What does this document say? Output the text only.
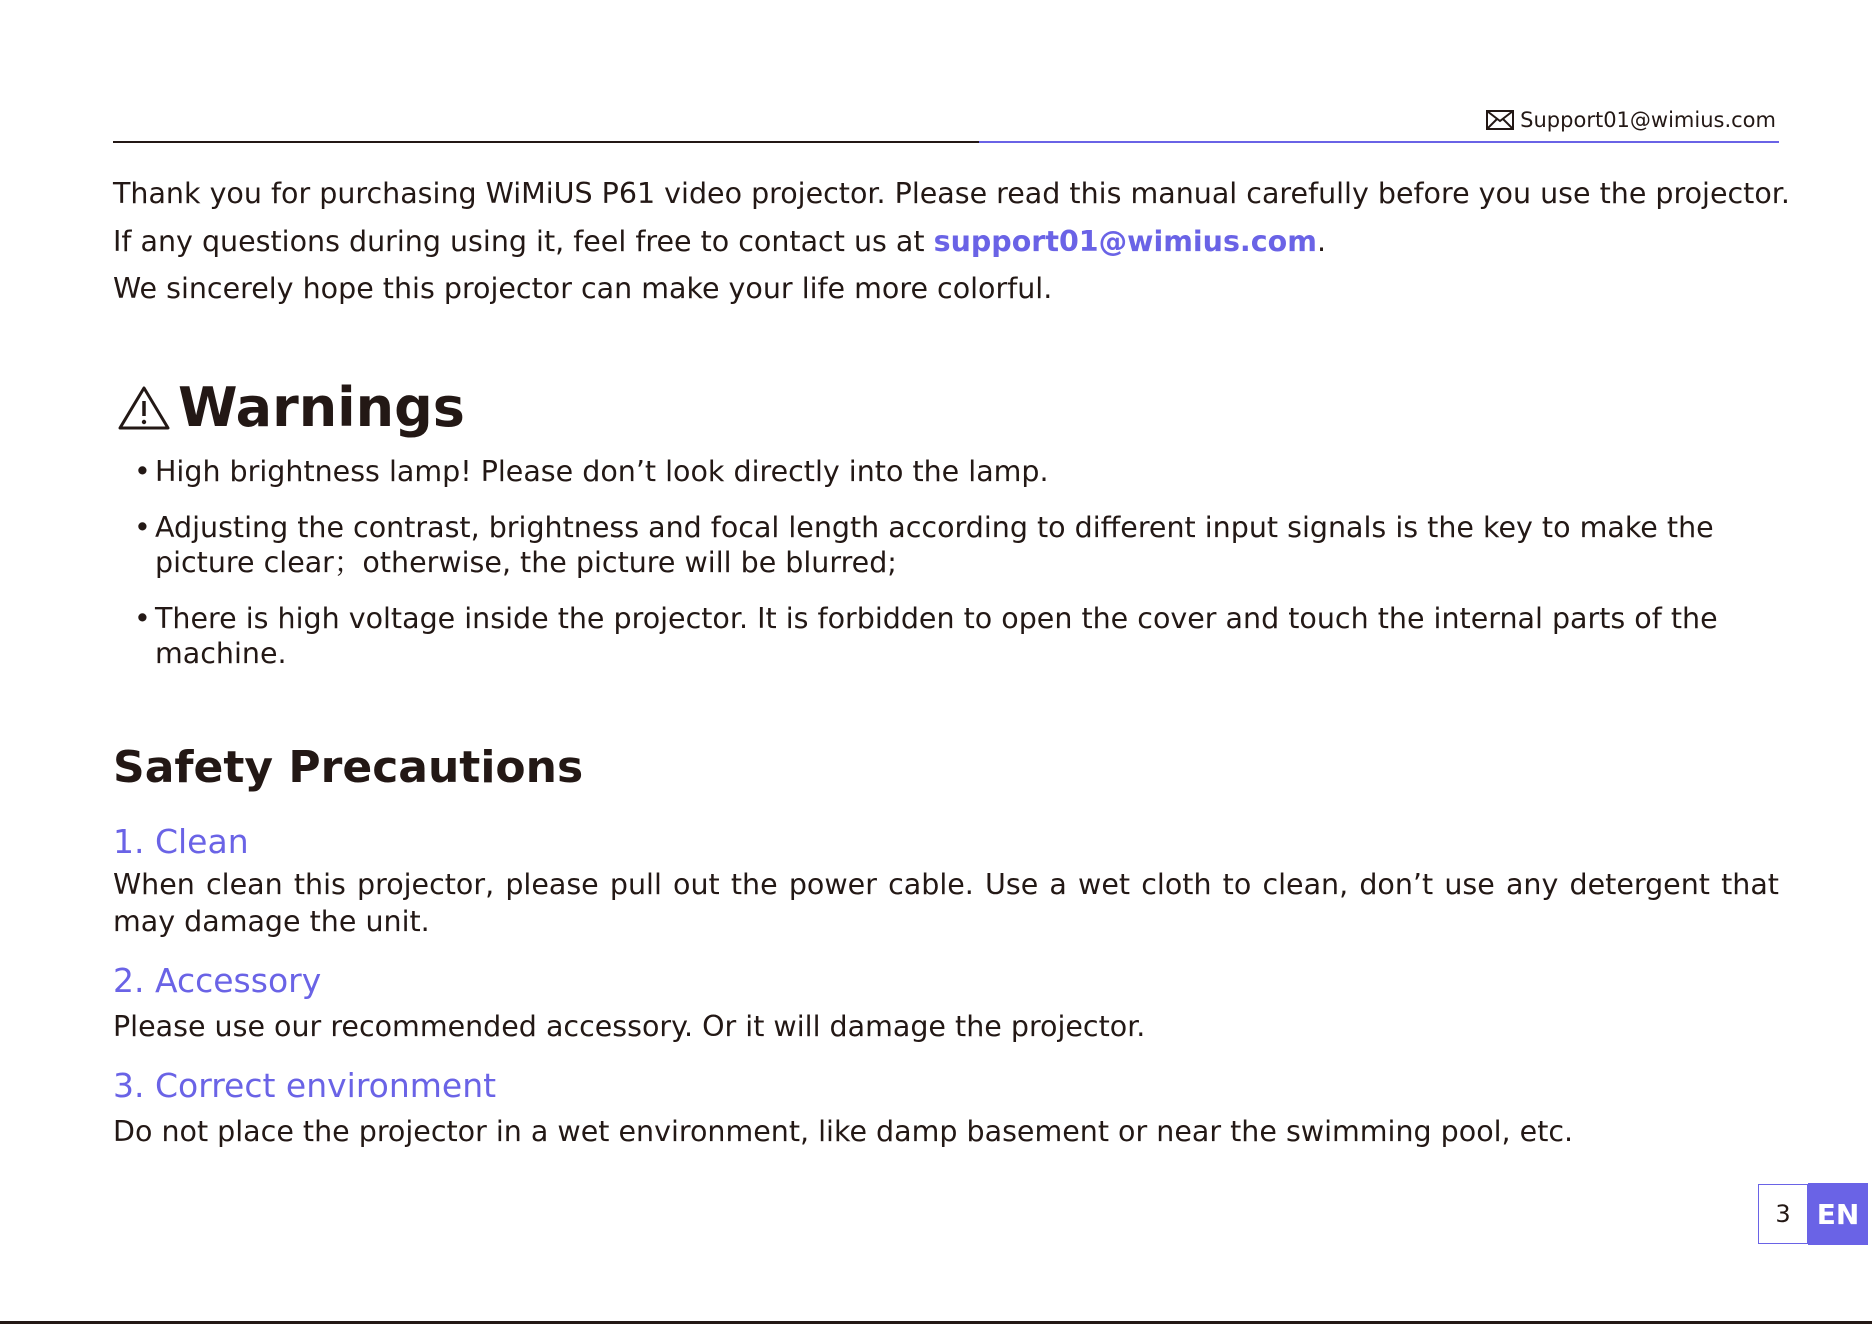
Support01@wimius.com

Thank you for purchasing WiMiUS P61 video projector. Please read this manual carefully before you use the projector.

If any questions during using it, feel free to contact us at support01@wimius.com.

We sincerely hope this projector can make your life more colorful.

Warnings
• High brightness lamp! Please don’t look directly into the lamp.
• Adjusting the contrast, brightness and focal length according to different input signals is the key to make the picture clear；otherwise, the picture will be blurred;
• There is high voltage inside the projector. It is forbidden to open the cover and touch the internal parts of the machine.
Safety Precautions
1. Clean
When clean this projector, please pull out the power cable. Use a wet cloth to clean, don’t use any detergent that may damage the unit.
2. Accessory
Please use our recommended accessory. Or it will damage the projector.
3. Correct environment
Do not place the projector in a wet environment, like damp basement or near the swimming pool, etc.
3 EN
